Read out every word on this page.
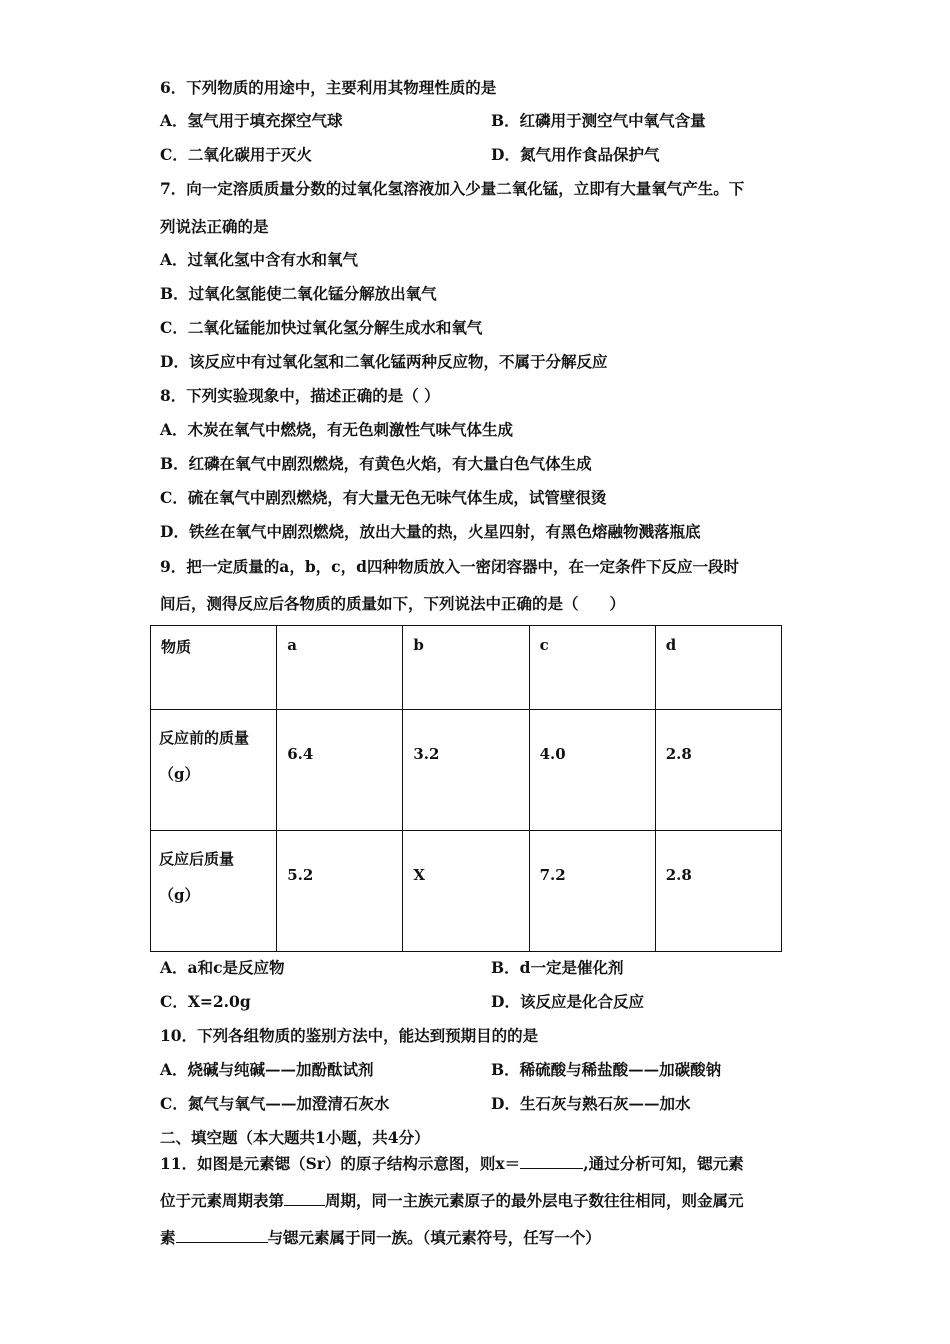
6．下列物质的用途中，主要利用其物理性质的是
A．氢气用于填充探空气球	B．红磷用于测空气中氧气含量
C．二氧化碳用于灭火	D．氮气用作食品保护气
7．向一定溶质质量分数的过氧化氢溶液加入少量二氧化锰，立即有大量氧气产生。下
列说法正确的是
A．过氧化氢中含有水和氧气
B．过氧化氢能使二氧化锰分解放出氧气
C．二氧化锰能加快过氧化氢分解生成水和氧气
D．该反应中有过氧化氢和二氧化锰两种反应物，不属于分解反应
8．下列实验现象中，描述正确的是（ ）
A．木炭在氧气中燃烧，有无色刺激性气味气体生成
B．红磷在氧气中剧烈燃烧，有黄色火焰，有大量白色气体生成
C．硫在氧气中剧烈燃烧，有大量无色无味气体生成，试管壁很烫
D．铁丝在氧气中剧烈燃烧，放出大量的热，火星四射，有黑色熔融物溅落瓶底
9．把一定质量的a，b，c，d四种物质放入一密闭容器中，在一定条件下反应一段时
间后，测得反应后各物质的质量如下，下列说法中正确的是（　　）
物质	a	b	c	d

反应前的质量
（g）	6.4	3.2	4.0	2.8

反应后质量
（g）	5.2	X	7.2	2.8
A．a和c是反应物	B．d一定是催化剂
C．X=2.0g	D．该反应是化合反应
10．下列各组物质的鉴别方法中，能达到预期目的的是
A．烧碱与纯碱——加酚酞试剂	B．稀硫酸与稀盐酸——加碳酸钠
C．氮气与氧气——加澄清石灰水	D．生石灰与熟石灰——加水
二、填空题（本大题共1小题，共4分）
11．如图是元素锶（Sr）的原子结构示意图，则x＝	,通过分析可知，锶元素
位于元素周期表第	周期，同一主族元素原子的最外层电子数往往相同，则金属元
素	与锶元素属于同一族。（填元素符号，任写一个）
